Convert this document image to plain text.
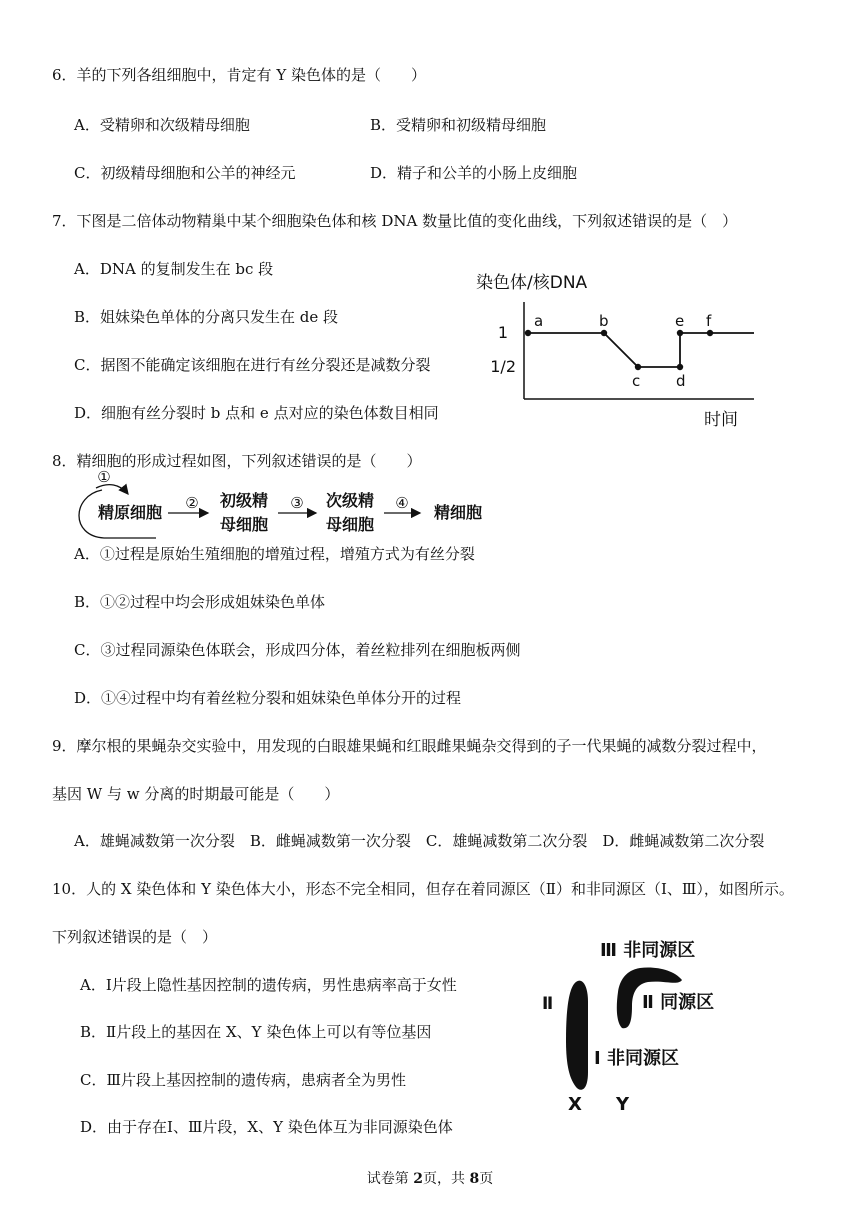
6．羊的下列各组细胞中，肯定有 Y 染色体的是（　　）
A．受精卵和次级精母细胞	B．受精卵和初级精母细胞
C．初级精母细胞和公羊的神经元	D．精子和公羊的小肠上皮细胞
7．下图是二倍体动物精巢中某个细胞染色体和核 DNA 数量比值的变化曲线，下列叙述错误的是（　）
A．DNA 的复制发生在 bc 段
B．姐妹染色单体的分离只发生在 de 段
C．据图不能确定该细胞在进行有丝分裂还是减数分裂
D．细胞有丝分裂时 b 点和 e 点对应的染色体数目相同
染色体/核DNA
1
1/2
a	b
c d
e f
时间
8．精细胞的形成过程如图，下列叙述错误的是（　　）
①
精原细胞 ② 初级精
母细胞
③ 次级精
母细胞
④ 精细胞
A．①过程是原始生殖细胞的增殖过程，增殖方式为有丝分裂
B．①②过程中均会形成姐妹染色单体
C．③过程同源染色体联会，形成四分体，着丝粒排列在细胞板两侧
D．①④过程中均有着丝粒分裂和姐妹染色单体分开的过程
9．摩尔根的果蝇杂交实验中，用发现的白眼雄果蝇和红眼雌果蝇杂交得到的子一代果蝇的减数分裂过程中，
基因 W 与 w 分离的时期最可能是（　　）
A．雄蝇减数第一次分裂　B．雌蝇减数第一次分裂　C．雄蝇减数第二次分裂　D．雌蝇减数第二次分裂
10．人的 X 染色体和 Y 染色体大小，形态不完全相同，但存在着同源区（Ⅱ）和非同源区（Ⅰ、Ⅲ），如图所示。
下列叙述错误的是（　）
A．Ⅰ片段上隐性基因控制的遗传病，男性患病率高于女性
B．Ⅱ片段上的基因在 X、Y 染色体上可以有等位基因
C．Ⅲ片段上基因控制的遗传病，患病者全为男性
D．由于存在Ⅰ、Ⅲ片段，X、Y 染色体互为非同源染色体
Ⅲ 非同源区
Ⅱ	Ⅱ 同源区
Ⅰ 非同源区
X Y
试卷第 2页，共 8页
